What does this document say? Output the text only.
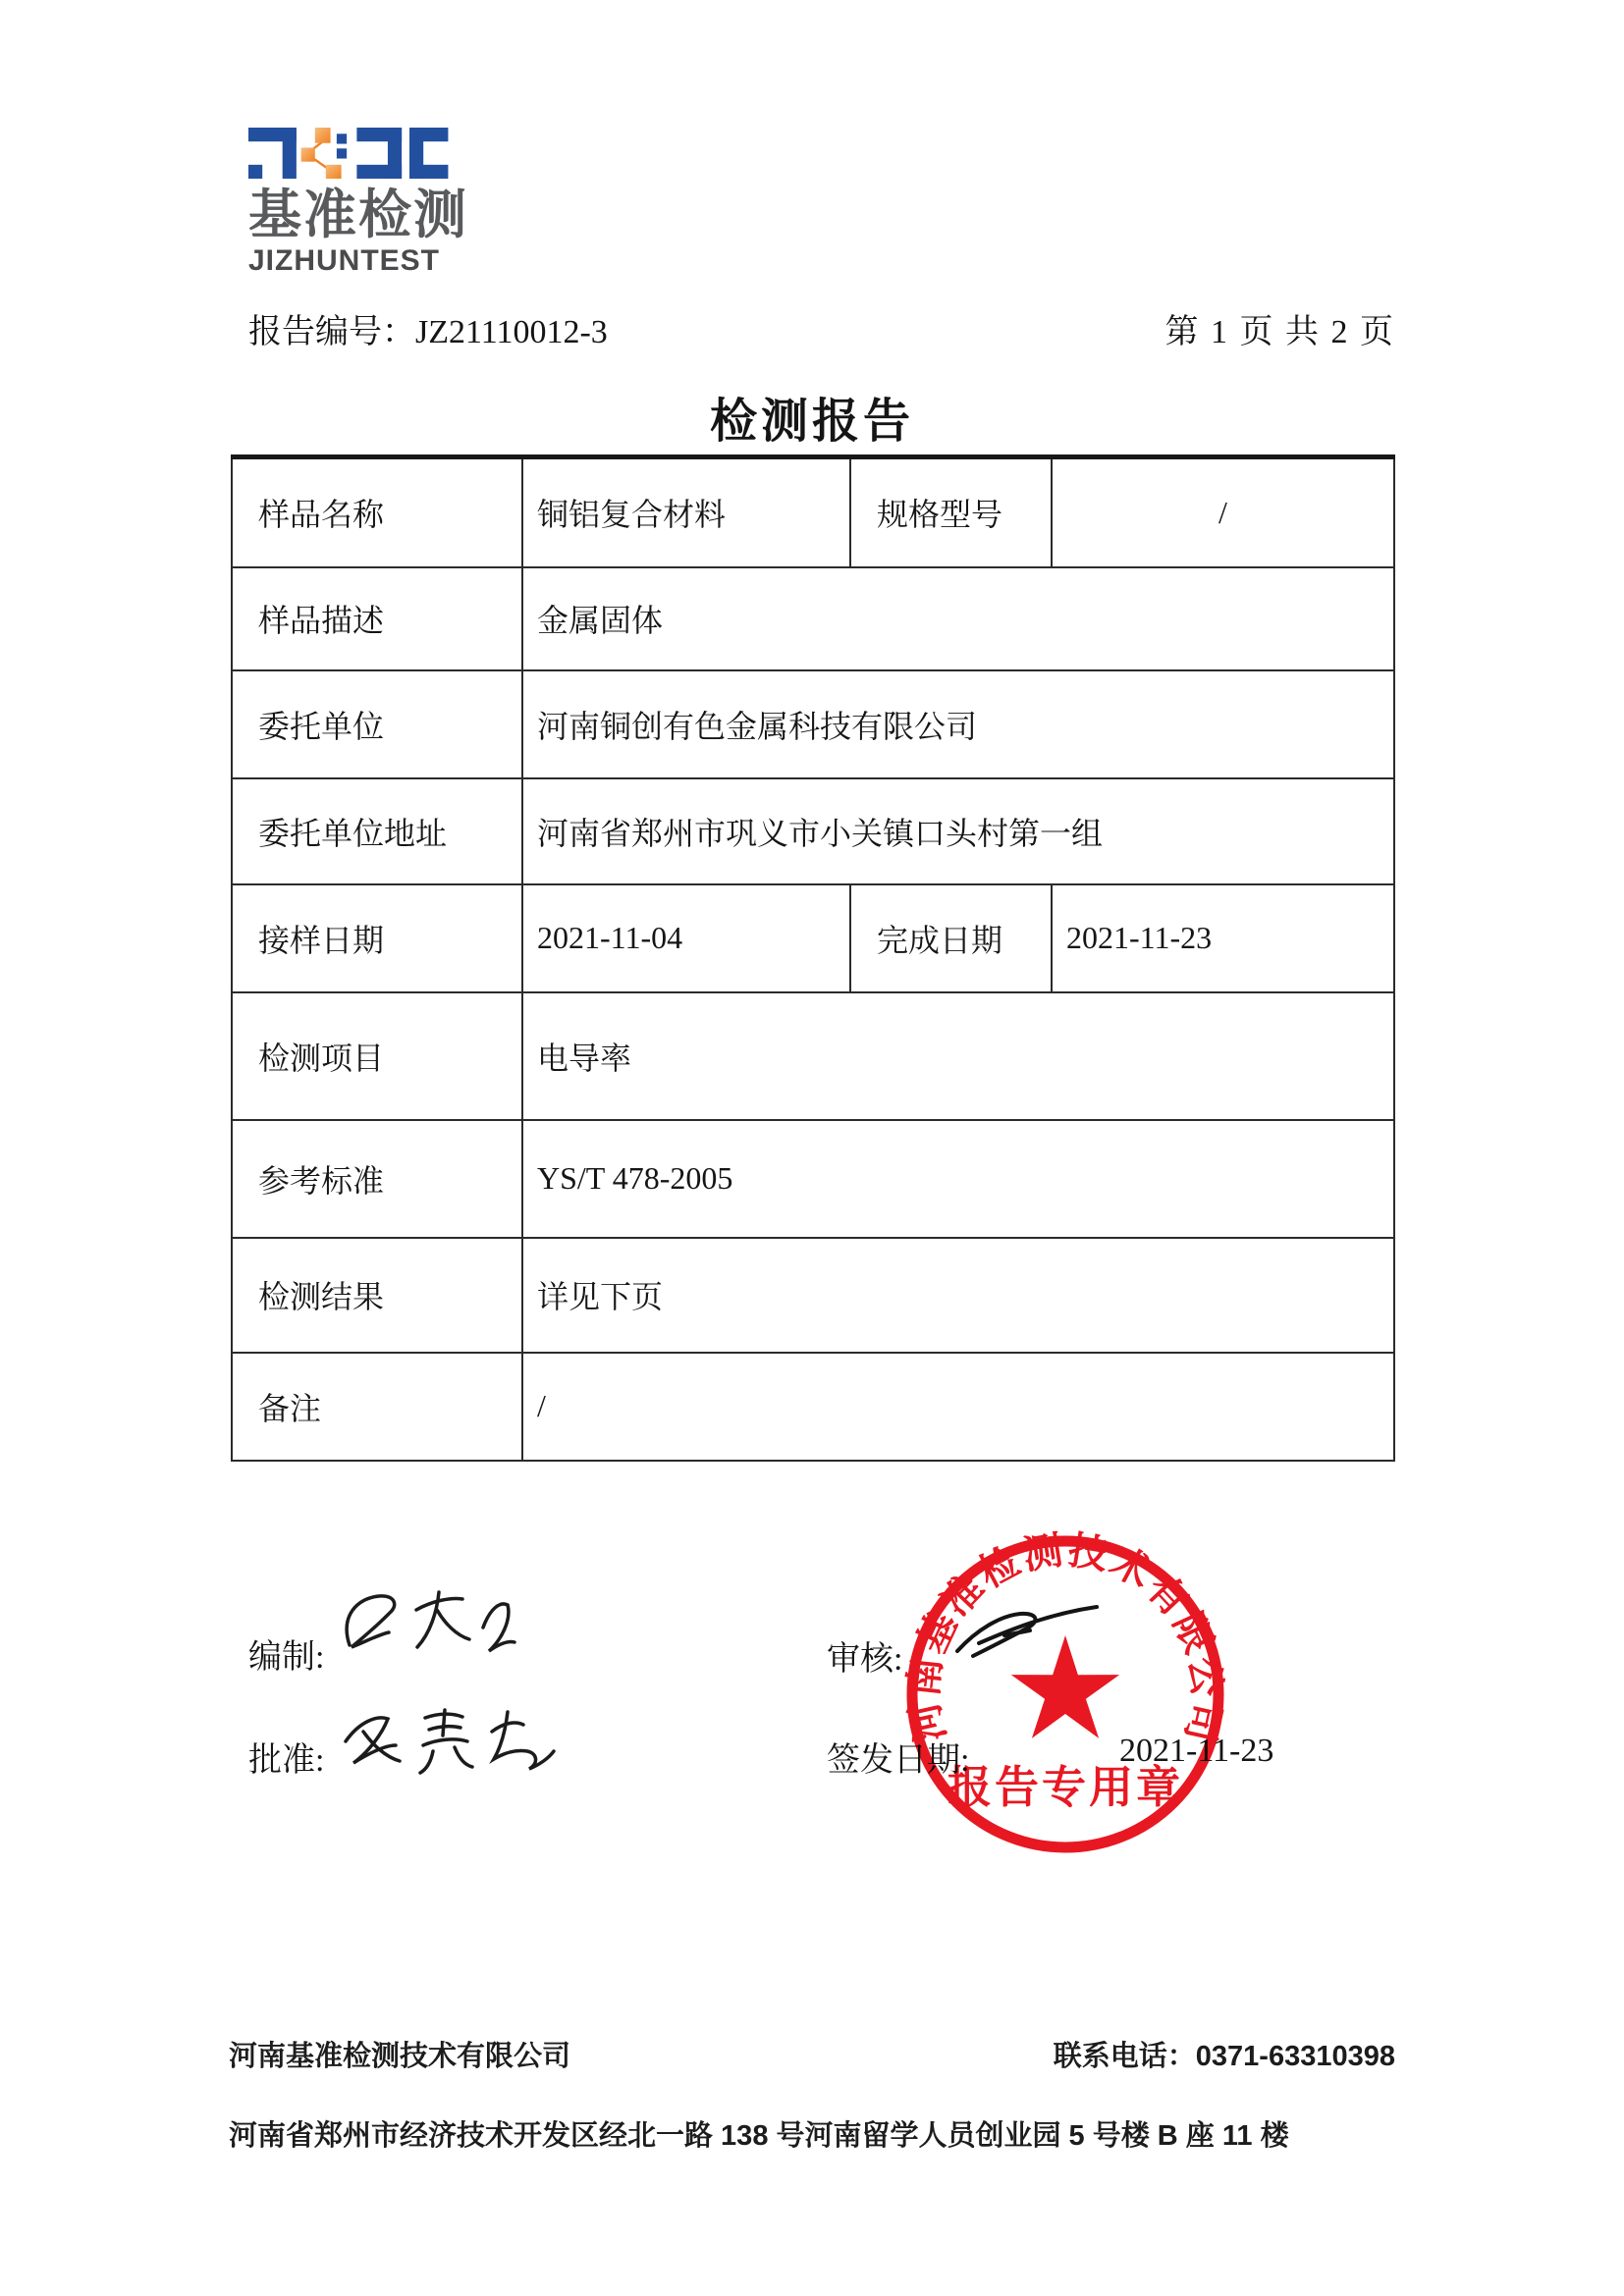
基准检测
JIZHUNTEST
报告编号：JZ21110012-3	第 1 页 共 2 页
检测报告
样品名称	铜铝复合材料	规格型号	/
样品描述	金属固体		
委托单位	河南铜创有色金属科技有限公司		
委托单位地址	河南省郑州市巩义市小关镇口头村第一组		
接样日期	2021-11-04	完成日期	2021-11-23
检测项目	电导率		
参考标准	YS/T 478-2005		
检测结果	详见下页		
备注	/		
编制:
批准:
审核:
签发日期:	2021-11-23
河南基准检测技术有限公司
报告专用章
河南基准检测技术有限公司	联系电话：0371-63310398
河南省郑州市经济技术开发区经北一路 138 号河南留学人员创业园 5 号楼 B 座 11 楼
